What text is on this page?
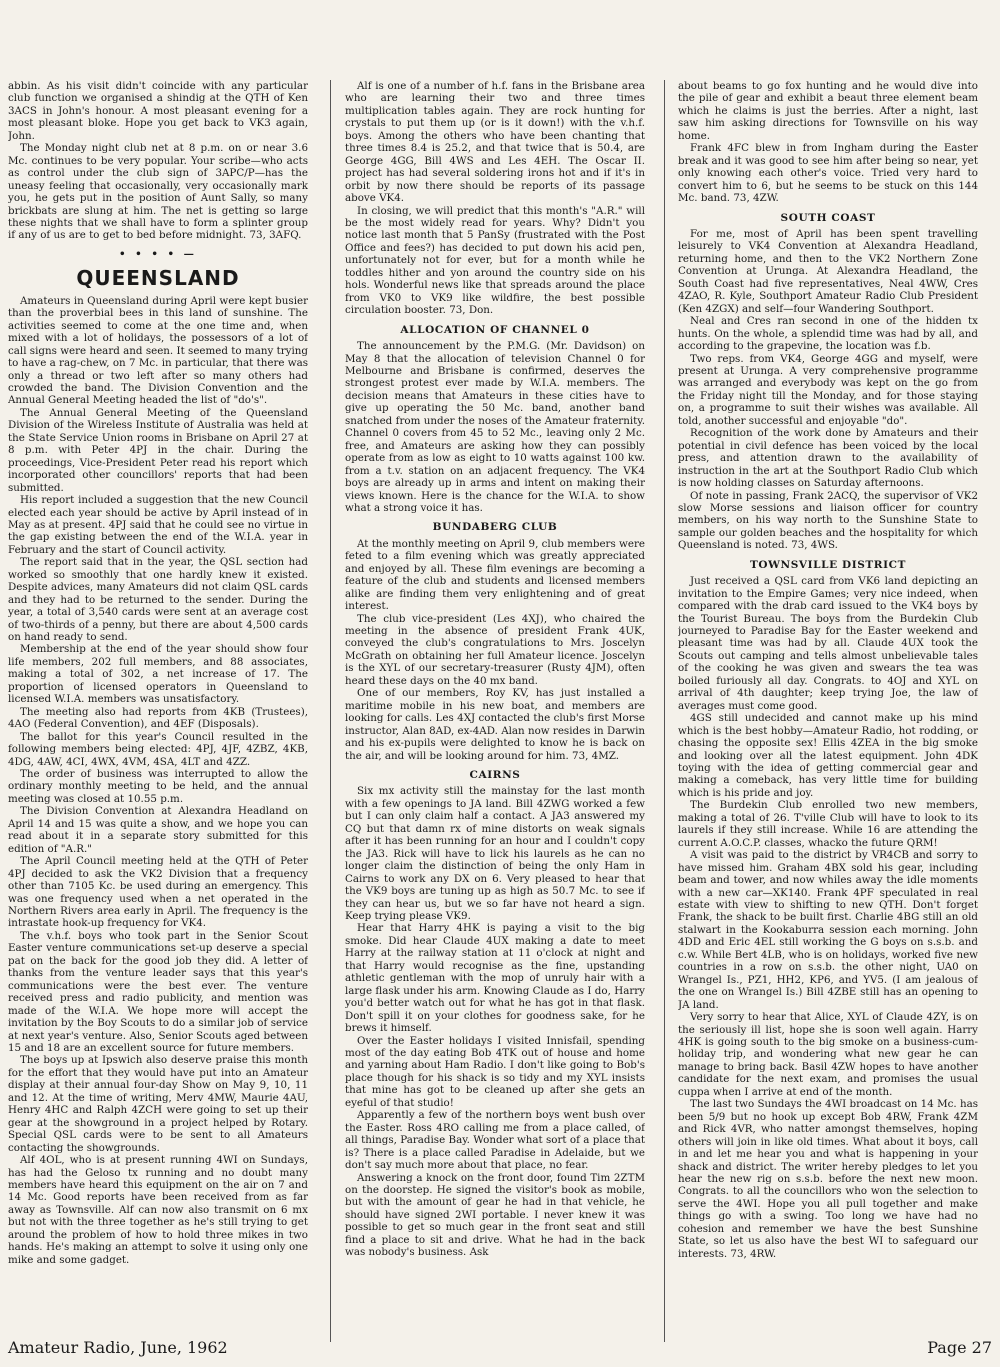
abbin. As his visit didn't coincide with any particular club function we organised a shindig at the QTH of Ken 3ACS in John's honour. A most pleasant evening for a most pleasant bloke. Hope you get back to VK3 again, John.

The Monday night club net at 8 p.m. on or near 3.6 Mc. continues to be very popular. Your scribe—who acts as control under the club sign of 3APC/P—has the uneasy feeling that occasionally, very occasionally mark you, he gets put in the position of Aunt Sally, so many brickbats are slung at him. The net is getting so large these nights that we shall have to form a splinter group if any of us are to get to bed before midnight. 73, 3AFQ.

• • • • —
QUEENSLAND

Amateurs in Queensland during April were kept busier than the proverbial bees in this land of sunshine. The activities seemed to come at the one time and, when mixed with a lot of holidays, the possessors of a lot of call signs were heard and seen. It seemed to many trying to have a rag-chew, on 7 Mc. in particular, that there was only a thread or two left after so many others had crowded the band. The Division Convention and the Annual General Meeting headed the list of "do's".

The Annual General Meeting of the Queensland Division of the Wireless Institute of Australia was held at the State Service Union rooms in Brisbane on April 27 at 8 p.m. with Peter 4PJ in the chair. During the proceedings, Vice-President Peter read his report which incorporated other councillors' reports that had been submitted.

His report included a suggestion that the new Council elected each year should be active by April instead of in May as at present. 4PJ said that he could see no virtue in the gap existing between the end of the W.I.A. year in February and the start of Council activity.

The report said that in the year, the QSL section had worked so smoothly that one hardly knew it existed. Despite advices, many Amateurs did not claim QSL cards and they had to be returned to the sender. During the year, a total of 3,540 cards were sent at an average cost of two-thirds of a penny, but there are about 4,500 cards on hand ready to send.

Membership at the end of the year should show four life members, 202 full members, and 88 associates, making a total of 302, a net increase of 17. The proportion of licensed operators in Queensland to licensed W.I.A. members was unsatisfactory.

The meeting also had reports from 4KB (Trustees), 4AO (Federal Convention), and 4EF (Disposals).

The ballot for this year's Council resulted in the following members being elected: 4PJ, 4JF, 4ZBZ, 4KB, 4DG, 4AW, 4CI, 4WX, 4VM, 4SA, 4LT and 4ZZ.

The order of business was interrupted to allow the ordinary monthly meeting to be held, and the annual meeting was closed at 10.55 p.m.

The Division Convention at Alexandra Headland on April 14 and 15 was quite a show, and we hope you can read about it in a separate story submitted for this edition of "A.R."

The April Council meeting held at the QTH of Peter 4PJ decided to ask the VK2 Division that a frequency other than 7105 Kc. be used during an emergency. This was one frequency used when a net operated in the Northern Rivers area early in April. The frequency is the intrastate hook-up frequency for VK4.

The v.h.f. boys who took part in the Senior Scout Easter venture communications set-up deserve a special pat on the back for the good job they did. A letter of thanks from the venture leader says that this year's communications were the best ever. The venture received press and radio publicity, and mention was made of the W.I.A. We hope more will accept the invitation by the Boy Scouts to do a similar job of service at next year's venture. Also, Senior Scouts aged between 15 and 18 are an excellent source for future members.

The boys up at Ipswich also deserve praise this month for the effort that they would have put into an Amateur display at their annual four-day Show on May 9, 10, 11 and 12. At the time of writing, Merv 4MW, Maurie 4AU, Henry 4HC and Ralph 4ZCH were going to set up their gear at the showground in a project helped by Rotary. Special QSL cards were to be sent to all Amateurs contacting the showgrounds.

Alf 4OL, who is at present running 4WI on Sundays, has had the Geloso tx running and no doubt many members have heard this equipment on the air on 7 and 14 Mc. Good reports have been received from as far away as Townsville. Alf can now also transmit on 6 mx but not with the three together as he's still trying to get around the problem of how to hold three mikes in two hands. He's making an attempt to solve it using only one mike and some gadget.

Alf is one of a number of h.f. fans in the Brisbane area who are learning their two and three times multiplication tables again. They are rock hunting for crystals to put them up (or is it down!) with the v.h.f. boys. Among the others who have been chanting that three times 8.4 is 25.2, and that twice that is 50.4, are George 4GG, Bill 4WS and Les 4EH. The Oscar II. project has had several soldering irons hot and if it's in orbit by now there should be reports of its passage above VK4.

In closing, we will predict that this month's "A.R." will be the most widely read for years. Why? Didn't you notice last month that 5 PanSy (frustrated with the Post Office and fees?) has decided to put down his acid pen, unfortunately not for ever, but for a month while he toddles hither and yon around the country side on his hols. Wonderful news like that spreads around the place from VK0 to VK9 like wildfire, the best possible circulation booster. 73, Don.

ALLOCATION OF CHANNEL 0

The announcement by the P.M.G. (Mr. Davidson) on May 8 that the allocation of television Channel 0 for Melbourne and Brisbane is confirmed, deserves the strongest protest ever made by W.I.A. members. The decision means that Amateurs in these cities have to give up operating the 50 Mc. band, another band snatched from under the noses of the Amateur fraternity. Channel 0 covers from 45 to 52 Mc., leaving only 2 Mc. free, and Amateurs are asking how they can possibly operate from as low as eight to 10 watts against 100 kw. from a t.v. station on an adjacent frequency. The VK4 boys are already up in arms and intent on making their views known. Here is the chance for the W.I.A. to show what a strong voice it has.

BUNDABERG CLUB

At the monthly meeting on April 9, club members were feted to a film evening which was greatly appreciated and enjoyed by all. These film evenings are becoming a feature of the club and students and licensed members alike are finding them very enlightening and of great interest.

The club vice-president (Les 4XJ), who chaired the meeting in the absence of president Frank 4UK, conveyed the club's congratulations to Mrs. Joscelyn McGrath on obtaining her full Amateur licence. Joscelyn is the XYL of our secretary-treasurer (Rusty 4JM), often heard these days on the 40 mx band.

One of our members, Roy KV, has just installed a maritime mobile in his new boat, and members are looking for calls. Les 4XJ contacted the club's first Morse instructor, Alan 8AD, ex-4AD. Alan now resides in Darwin and his ex-pupils were delighted to know he is back on the air, and will be looking around for him. 73, 4MZ.

CAIRNS

Six mx activity still the mainstay for the last month with a few openings to JA land. Bill 4ZWG worked a few but I can only claim half a contact. A JA3 answered my CQ but that damn rx of mine distorts on weak signals after it has been running for an hour and I couldn't copy the JA3. Rick will have to lick his laurels as he can no longer claim the distinction of being the only Ham in Cairns to work any DX on 6. Very pleased to hear that the VK9 boys are tuning up as high as 50.7 Mc. to see if they can hear us, but we so far have not heard a sign. Keep trying please VK9.

Hear that Harry 4HK is paying a visit to the big smoke. Did hear Claude 4UX making a date to meet Harry at the railway station at 11 o'clock at night and that Harry would recognise as the fine, upstanding athletic gentleman with the mop of unruly hair with a large flask under his arm. Knowing Claude as I do, Harry you'd better watch out for what he has got in that flask. Don't spill it on your clothes for goodness sake, for he brews it himself.

Over the Easter holidays I visited Innisfail, spending most of the day eating Bob 4TK out of house and home and yarning about Ham Radio. I don't like going to Bob's place though for his shack is so tidy and my XYL insists that mine has got to be cleaned up after she gets an eyeful of that studio!

Apparently a few of the northern boys went bush over the Easter. Ross 4RO calling me from a place called, of all things, Paradise Bay. Wonder what sort of a place that is? There is a place called Paradise in Adelaide, but we don't say much more about that place, no fear.

Answering a knock on the front door, found Tim 2ZTM on the doorstep. He signed the visitor's book as mobile, but with the amount of gear he had in that vehicle, he should have signed 2WI portable. I never knew it was possible to get so much gear in the front seat and still find a place to sit and drive. What he had in the back was nobody's business. Ask

about beams to go fox hunting and he would dive into the pile of gear and exhibit a beaut three element beam which he claims is just the berries. After a night, last saw him asking directions for Townsville on his way home.

Frank 4FC blew in from Ingham during the Easter break and it was good to see him after being so near, yet only knowing each other's voice. Tried very hard to convert him to 6, but he seems to be stuck on this 144 Mc. band. 73, 4ZW.

SOUTH COAST

For me, most of April has been spent travelling leisurely to VK4 Convention at Alexandra Headland, returning home, and then to the VK2 Northern Zone Convention at Urunga. At Alexandra Headland, the South Coast had five representatives, Neal 4WW, Cres 4ZAO, R. Kyle, Southport Amateur Radio Club President (Ken 4ZGX) and self—four Wandering Southport.

Neal and Cres ran second in one of the hidden tx hunts. On the whole, a splendid time was had by all, and according to the grapevine, the location was f.b.

Two reps. from VK4, George 4GG and myself, were present at Urunga. A very comprehensive programme was arranged and everybody was kept on the go from the Friday night till the Monday, and for those staying on, a programme to suit their wishes was available. All told, another successful and enjoyable "do".

Recognition of the work done by Amateurs and their potential in civil defence has been voiced by the local press, and attention drawn to the availability of instruction in the art at the Southport Radio Club which is now holding classes on Saturday afternoons.

Of note in passing, Frank 2ACQ, the supervisor of VK2 slow Morse sessions and liaison officer for country members, on his way north to the Sunshine State to sample our golden beaches and the hospitality for which Queensland is noted. 73, 4WS.

TOWNSVILLE DISTRICT

Just received a QSL card from VK6 land depicting an invitation to the Empire Games; very nice indeed, when compared with the drab card issued to the VK4 boys by the Tourist Bureau. The boys from the Burdekin Club journeyed to Paradise Bay for the Easter weekend and pleasant time was had by all. Claude 4UX took the Scouts out camping and tells almost unbelievable tales of the cooking he was given and swears the tea was boiled furiously all day. Congrats. to 4OJ and XYL on arrival of 4th daughter; keep trying Joe, the law of averages must come good.

4GS still undecided and cannot make up his mind which is the best hobby—Amateur Radio, hot rodding, or chasing the opposite sex! Ellis 4ZEA in the big smoke and looking over all the latest equipment. John 4DK toying with the idea of getting commercial gear and making a comeback, has very little time for building which is his pride and joy.

The Burdekin Club enrolled two new members, making a total of 26. T'ville Club will have to look to its laurels if they still increase. While 16 are attending the current A.O.C.P. classes, whacko the future QRM!

A visit was paid to the district by VR4CB and sorry to have missed him. Graham 4BX sold his gear, including beam and tower, and now whiles away the idle moments with a new car—XK140. Frank 4PF speculated in real estate with view to shifting to new QTH. Don't forget Frank, the shack to be built first. Charlie 4BG still an old stalwart in the Kookaburra session each morning. John 4DD and Eric 4EL still working the G boys on s.s.b. and c.w. While Bert 4LB, who is on holidays, worked five new countries in a row on s.s.b. the other night, UA0 on Wrangel Is., PZ1, HH2, KP6, and YV5. (I am jealous of the one on Wrangel Is.) Bill 4ZBE still has an opening to JA land.

Very sorry to hear that Alice, XYL of Claude 4ZY, is on the seriously ill list, hope she is soon well again. Harry 4HK is going south to the big smoke on a business-cum-holiday trip, and wondering what new gear he can manage to bring back. Basil 4ZW hopes to have another candidate for the next exam, and promises the usual cuppa when I arrive at end of the month.

The last two Sundays the 4WI broadcast on 14 Mc. has been 5/9 but no hook up except Bob 4RW, Frank 4ZM and Rick 4VR, who natter amongst themselves, hoping others will join in like old times. What about it boys, call in and let me hear you and what is happening in your shack and district. The writer hereby pledges to let you hear the new rig on s.s.b. before the next new moon. Congrats. to all the councillors who won the selection to serve the 4WI. Hope you all pull together and make things go with a swing. Too long we have had no cohesion and remember we have the best Sunshine State, so let us also have the best WI to safeguard our interests. 73, 4RW.

Amateur Radio, June, 1962	Page 27
